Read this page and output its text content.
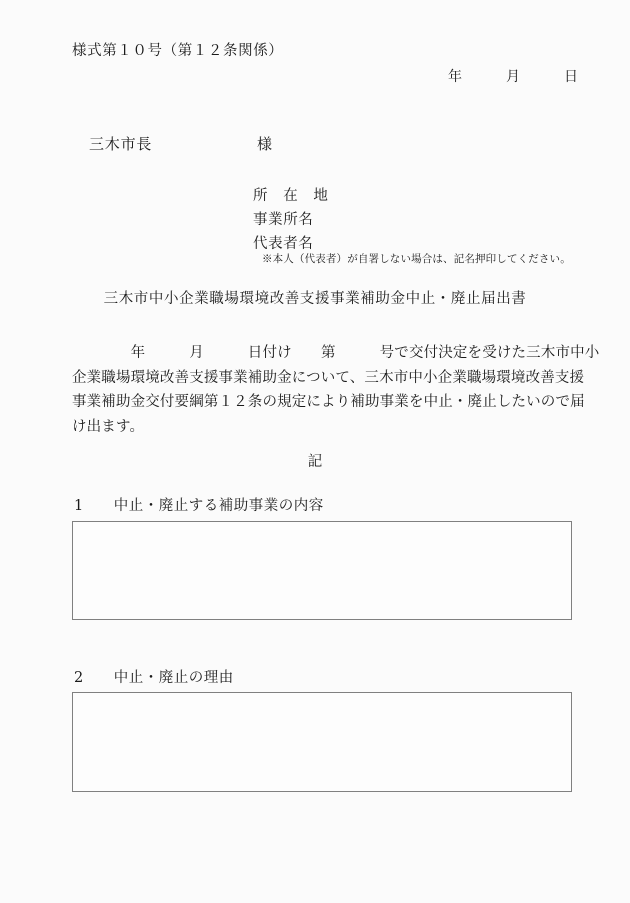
様式第１０号（第１２条関係）
年　　　月　　　日
三木市長	様
所　在　地
事業所名
代表者名
※本人（代表者）が自署しない場合は、記名押印してください。
三木市中小企業職場環境改善支援事業補助金中止・廃止届出書
　　　　年　　　月　　　日付け　　第　　　号で交付決定を受けた三木市中小
企業職場環境改善支援事業補助金について、三木市中小企業職場環境改善支援
事業補助金交付要綱第１２条の規定により補助事業を中止・廃止したいので届
け出ます。
記
1　　中止・廃止する補助事業の内容
2　　中止・廃止の理由
